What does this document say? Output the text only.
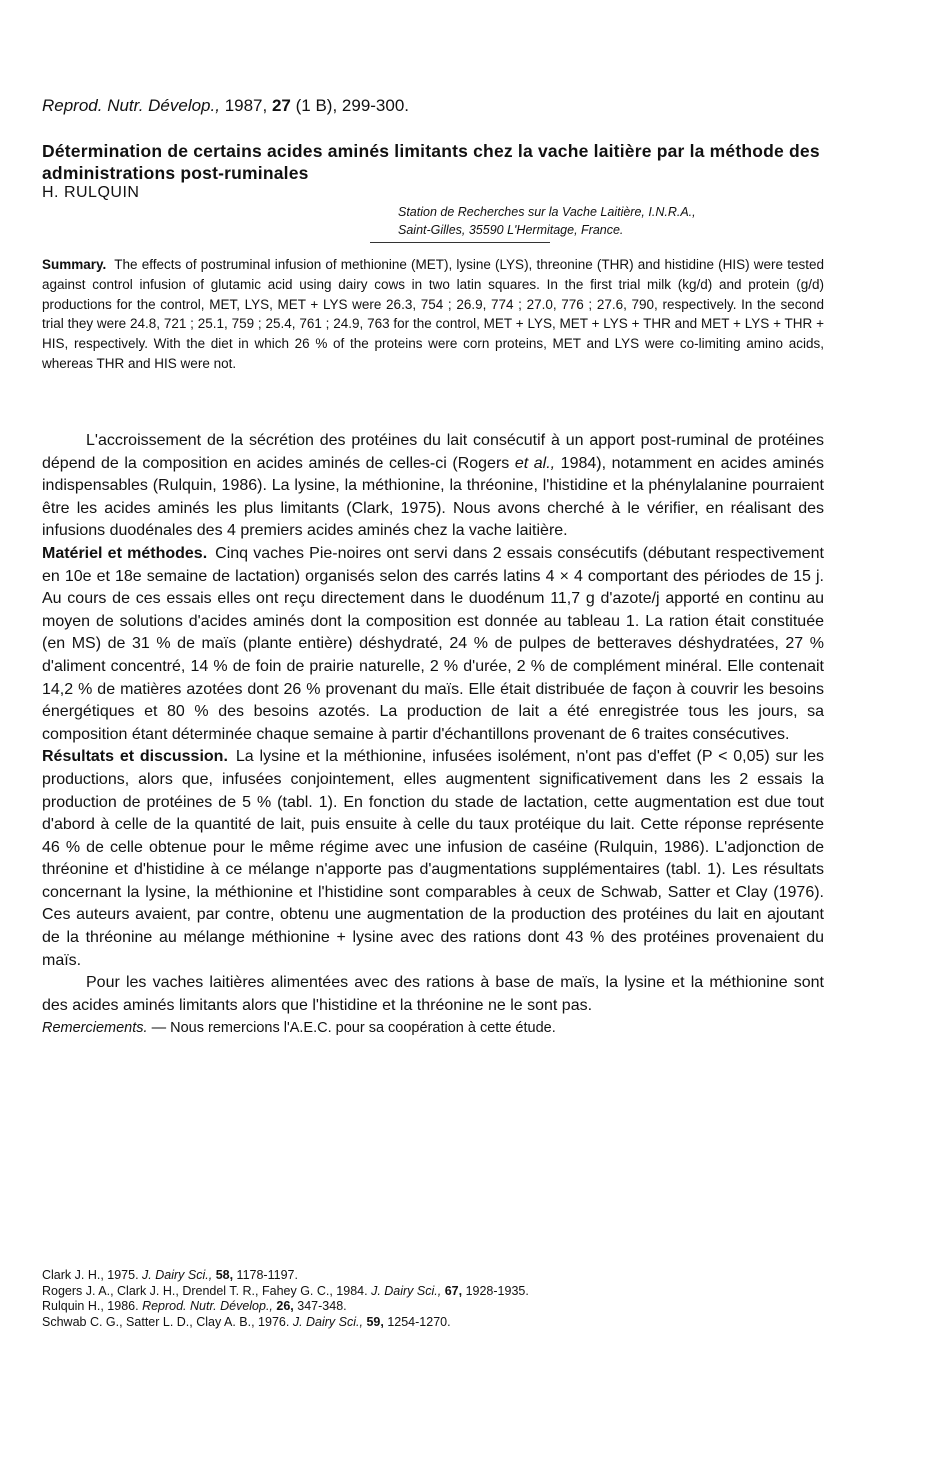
Reprod. Nutr. Dévelop., 1987, 27 (1 B), 299-300.
Détermination de certains acides aminés limitants chez la vache laitière par la méthode des administrations post-ruminales
H. RULQUIN
Station de Recherches sur la Vache Laitière, I.N.R.A.,
Saint-Gilles, 35590 L'Hermitage, France.
Summary. The effects of postruminal infusion of methionine (MET), lysine (LYS), threonine (THR) and histidine (HIS) were tested against control infusion of glutamic acid using dairy cows in two latin squares. In the first trial milk (kg/d) and protein (g/d) productions for the control, MET, LYS, MET + LYS were 26.3, 754 ; 26.9, 774 ; 27.0, 776 ; 27.6, 790, respectively. In the second trial they were 24.8, 721 ; 25.1, 759 ; 25.4, 761 ; 24.9, 763 for the control, MET + LYS, MET + LYS + THR and MET + LYS + THR + HIS, respectively. With the diet in which 26 % of the proteins were corn proteins, MET and LYS were co-limiting amino acids, whereas THR and HIS were not.

L'accroissement de la sécrétion des protéines du lait consécutif à un apport post-ruminal de protéines dépend de la composition en acides aminés de celles-ci (Rogers et al., 1984), notamment en acides aminés indispensables (Rulquin, 1986). La lysine, la méthionine, la thréonine, l'histidine et la phénylalanine pourraient être les acides aminés les plus limitants (Clark, 1975). Nous avons cherché à le vérifier, en réalisant des infusions duodénales des 4 premiers acides aminés chez la vache laitière.

Matériel et méthodes. Cinq vaches Pie-noires ont servi dans 2 essais consécutifs (débutant respectivement en 10e et 18e semaine de lactation) organisés selon des carrés latins 4 × 4 comportant des périodes de 15 j. Au cours de ces essais elles ont reçu directement dans le duodénum 11,7 g d'azote/j apporté en continu au moyen de solutions d'acides aminés dont la composition est donnée au tableau 1. La ration était constituée (en MS) de 31 % de maïs (plante entière) déshydraté, 24 % de pulpes de betteraves déshydratées, 27 % d'aliment concentré, 14 % de foin de prairie naturelle, 2 % d'urée, 2 % de complément minéral. Elle contenait 14,2 % de matières azotées dont 26 % provenant du maïs. Elle était distribuée de façon à couvrir les besoins énergétiques et 80 % des besoins azotés. La production de lait a été enregistrée tous les jours, sa composition étant déterminée chaque semaine à partir d'échantillons provenant de 6 traites consécutives.

Résultats et discussion. La lysine et la méthionine, infusées isolément, n'ont pas d'effet (P < 0,05) sur les productions, alors que, infusées conjointement, elles augmentent significativement dans les 2 essais la production de protéines de 5 % (tabl. 1). En fonction du stade de lactation, cette augmentation est due tout d'abord à celle de la quantité de lait, puis ensuite à celle du taux protéique du lait. Cette réponse représente 46 % de celle obtenue pour le même régime avec une infusion de caséine (Rulquin, 1986). L'adjonction de thréonine et d'histidine à ce mélange n'apporte pas d'augmentations supplémentaires (tabl. 1). Les résultats concernant la lysine, la méthionine et l'histidine sont comparables à ceux de Schwab, Satter et Clay (1976). Ces auteurs avaient, par contre, obtenu une augmentation de la production des protéines du lait en ajoutant de la thréonine au mélange méthionine + lysine avec des rations dont 43 % des protéines provenaient du maïs.

Pour les vaches laitières alimentées avec des rations à base de maïs, la lysine et la méthionine sont des acides aminés limitants alors que l'histidine et la thréonine ne le sont pas.

Remerciements. — Nous remercions l'A.E.C. pour sa coopération à cette étude.

Clark J. H., 1975. J. Dairy Sci., 58, 1178-1197.
Rogers J. A., Clark J. H., Drendel T. R., Fahey G. C., 1984. J. Dairy Sci., 67, 1928-1935.
Rulquin H., 1986. Reprod. Nutr. Dévelop., 26, 347-348.
Schwab C. G., Satter L. D., Clay A. B., 1976. J. Dairy Sci., 59, 1254-1270.
